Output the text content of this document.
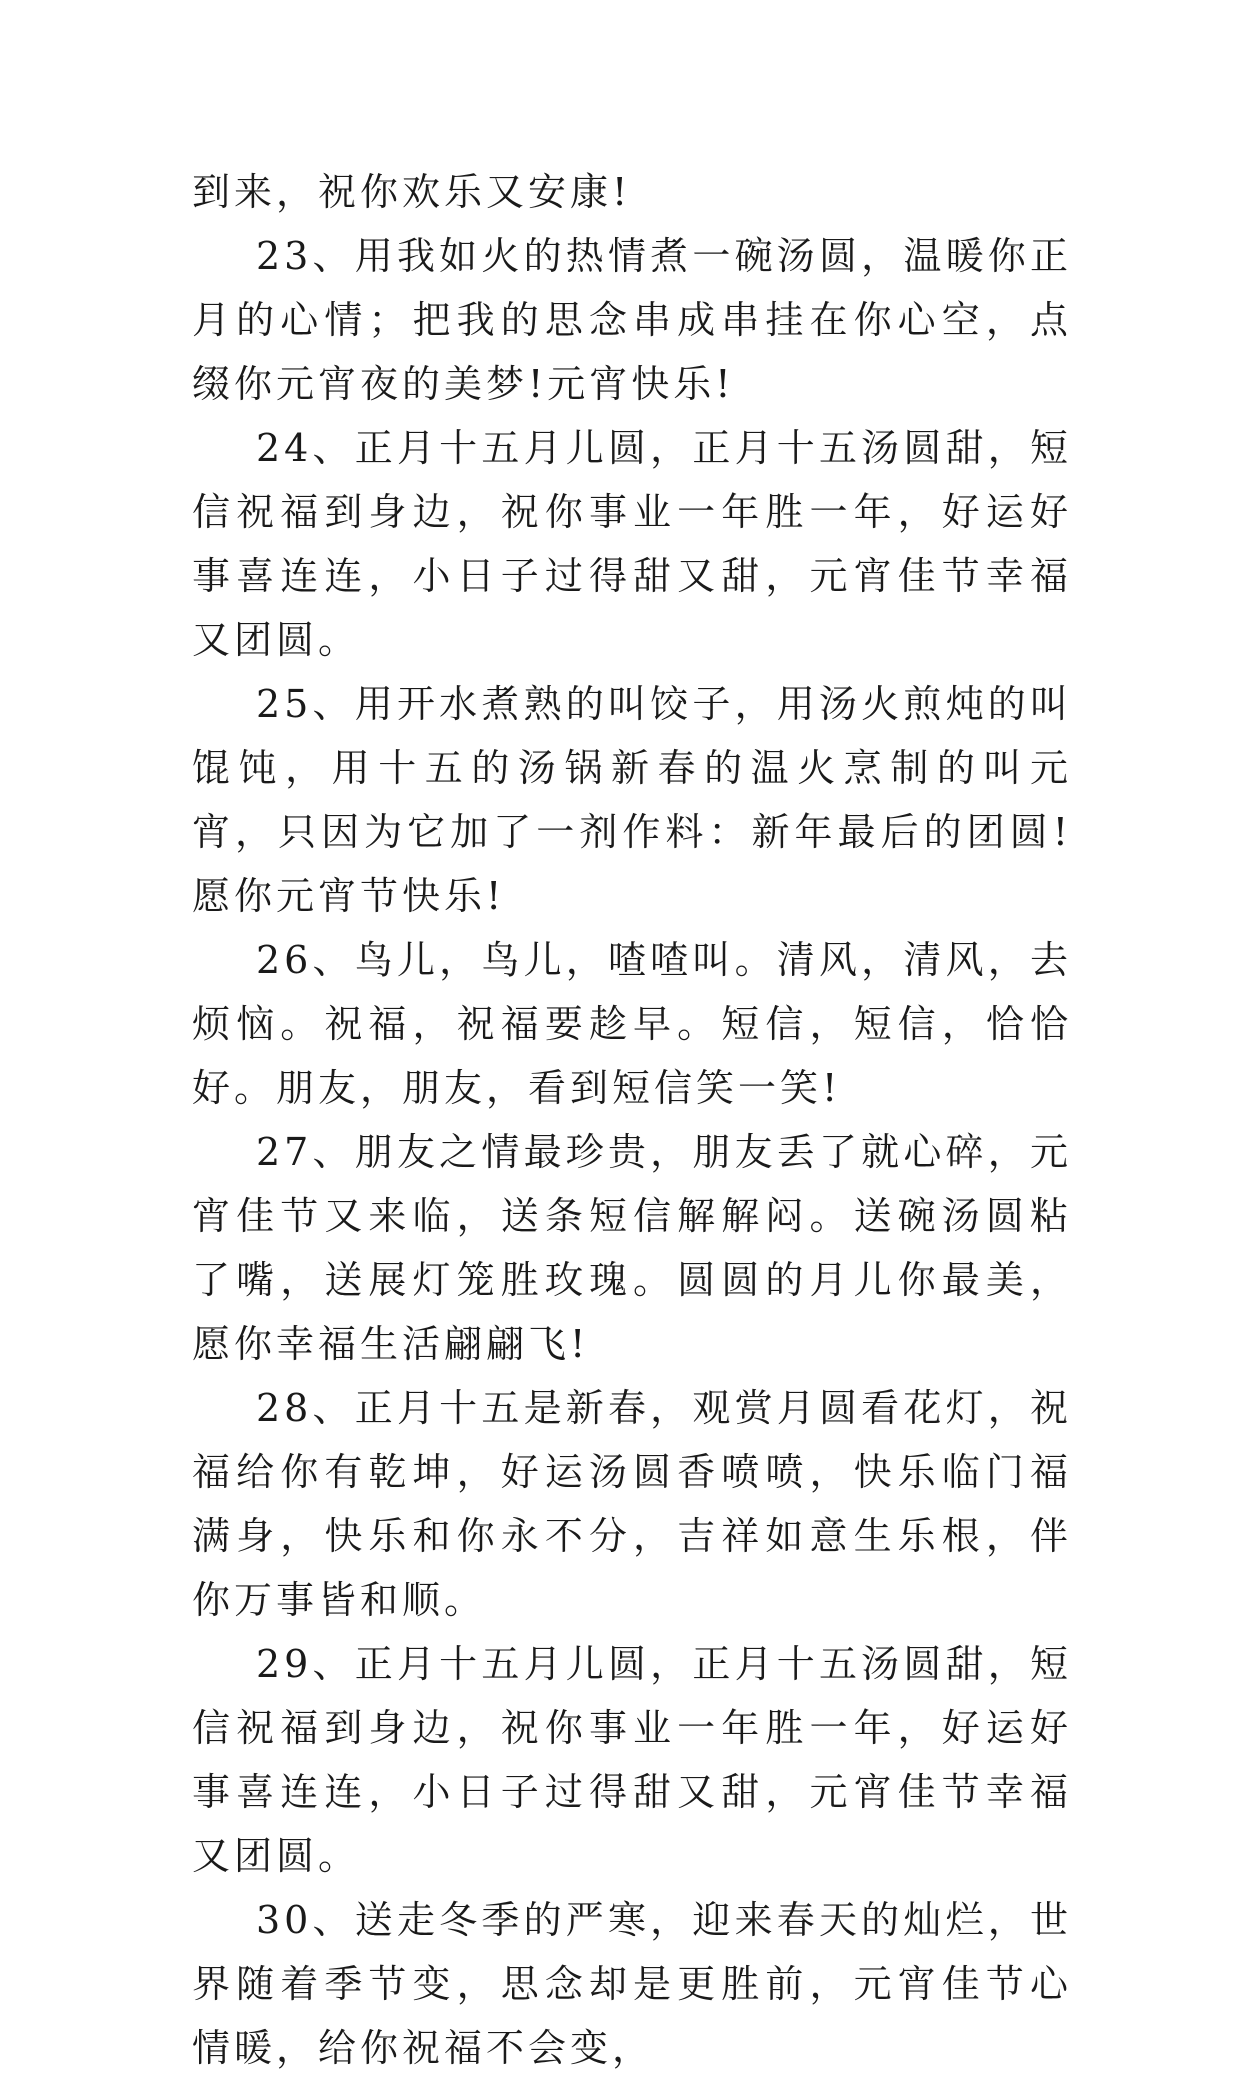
到来，祝你欢乐又安康!

23、用我如火的热情煮一碗汤圆，温暖你正月的心情；把我的思念串成串挂在你心空，点缀你元宵夜的美梦!元宵快乐!

24、正月十五月儿圆，正月十五汤圆甜，短信祝福到身边，祝你事业一年胜一年，好运好事喜连连，小日子过得甜又甜，元宵佳节幸福又团圆。

25、用开水煮熟的叫饺子，用汤火煎炖的叫馄饨，用十五的汤锅新春的温火烹制的叫元宵，只因为它加了一剂作料：新年最后的团圆!愿你元宵节快乐!

26、鸟儿，鸟儿，喳喳叫。清风，清风，去烦恼。祝福，祝福要趁早。短信，短信，恰恰好。朋友，朋友，看到短信笑一笑!

27、朋友之情最珍贵，朋友丢了就心碎，元宵佳节又来临，送条短信解解闷。送碗汤圆粘了嘴，送展灯笼胜玫瑰。圆圆的月儿你最美，愿你幸福生活翩翩飞!

28、正月十五是新春，观赏月圆看花灯，祝福给你有乾坤，好运汤圆香喷喷，快乐临门福满身，快乐和你永不分，吉祥如意生乐根，伴你万事皆和顺。

29、正月十五月儿圆，正月十五汤圆甜，短信祝福到身边，祝你事业一年胜一年，好运好事喜连连，小日子过得甜又甜，元宵佳节幸福又团圆。

30、送走冬季的严寒，迎来春天的灿烂，世界随着季节变，思念却是更胜前，元宵佳节心情暖，给你祝福不会变，
